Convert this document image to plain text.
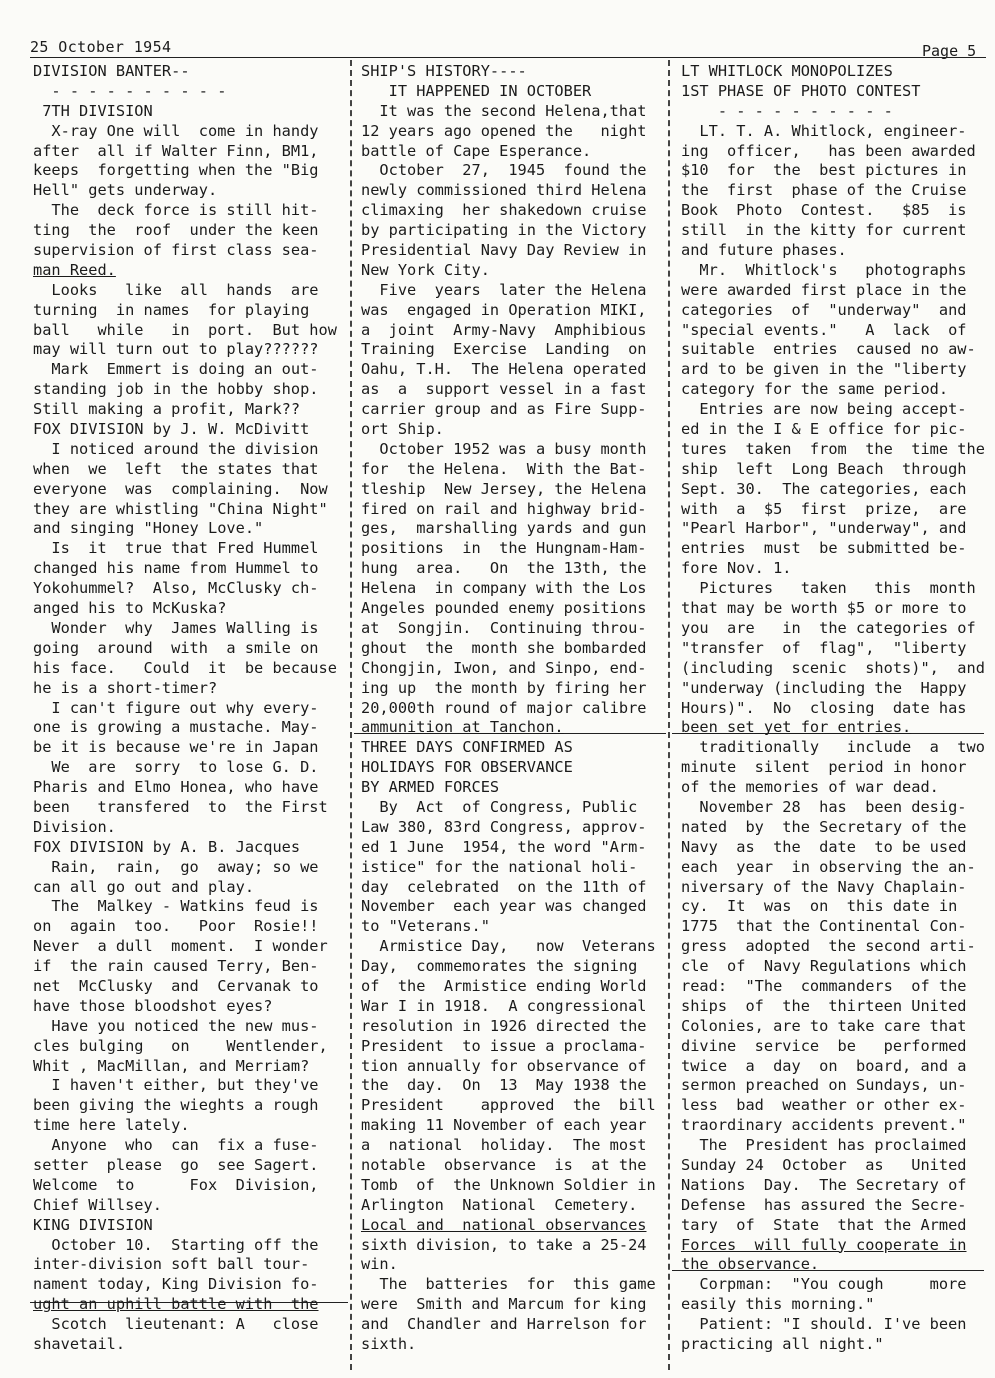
25 October 1954	Page 5
DIVISION BANTER--
- - - - - - - - - -
7TH DIVISION
X-ray One will  come in handy
after  all if Walter Finn, BM1,
keeps  forgetting when the "Big
Hell" gets underway.
The  deck force is still hit-
ting  the  roof  under the keen
supervision of first class sea-
man Reed.
Looks   like  all  hands  are
turning  in names  for playing
ball   while   in  port.  But how
may will turn out to play??????
Mark  Emmert is doing an out-
standing job in the hobby shop.
Still making a profit, Mark??
FOX DIVISION by J. W. McDivitt
I noticed around the division
when  we  left  the states that
everyone  was  complaining.  Now
they are whistling "China Night"
and singing "Honey Love."
Is  it  true that Fred Hummel
changed his name from Hummel to
Yokohummel?  Also, McClusky ch-
anged his to McKuska?
Wonder  why  James Walling is
going  around  with  a smile on
his face.   Could  it  be because
he is a short-timer?
I can't figure out why every-
one is growing a mustache. May-
be it is because we're in Japan
We  are  sorry  to lose G. D.
Pharis and Elmo Honea, who have
been   transfered  to  the First
Division.
FOX DIVISION by A. B. Jacques
Rain,  rain,  go  away; so we
can all go out and play.
The  Malkey - Watkins feud is
on  again  too.   Poor  Rosie!!
Never  a dull  moment.  I wonder
if  the rain caused Terry, Ben-
net  McClusky  and  Cervanak to
have those bloodshot eyes?
Have you noticed the new mus-
cles bulging   on    Wentlender,
Whit , MacMillan, and Merriam?
I haven't either, but they've
been giving the wieghts a rough
time here lately.
Anyone  who  can  fix a fuse-
setter  please  go  see Sagert.
Welcome  to      Fox  Division,
Chief Willsey.
KING DIVISION
October 10.  Starting off the
inter-division soft ball tour-
nament today, King Division fo-
ught an uphill battle with  the
Scotch  lieutenant: A   close
shavetail.
SHIP'S HISTORY----
IT HAPPENED IN OCTOBER
It was the second Helena,that
12 years ago opened the   night
battle of Cape Esperance.
October  27,  1945  found the
newly commissioned third Helena
climaxing  her shakedown cruise
by participating in the Victory
Presidential Navy Day Review in
New York City.
Five  years  later the Helena
was  engaged in Operation MIKI,
a  joint  Army-Navy  Amphibious
Training  Exercise  Landing  on
Oahu, T.H.  The Helena operated
as  a  support vessel in a fast
carrier group and as Fire Supp-
ort Ship.
October 1952 was a busy month
for  the Helena.  With the Bat-
tleship  New Jersey, the Helena
fired on rail and highway brid-
ges,  marshalling yards and gun
positions  in  the Hungnam-Ham-
hung  area.   On  the 13th, the
Helena  in company with the Los
Angeles pounded enemy positions
at  Songjin.  Continuing throu-
ghout  the  month she bombarded
Chongjin, Iwon, and Sinpo, end-
ing up  the month by firing her
20,000th round of major calibre
ammunition at Tanchon.
THREE DAYS CONFIRMED AS
HOLIDAYS FOR OBSERVANCE
BY ARMED FORCES
By  Act  of Congress, Public
Law 380, 83rd Congress, approv-
ed 1 June  1954, the word "Arm-
istice" for the national holi-
day  celebrated  on the 11th of
November  each year was changed
to "Veterans."
Armistice Day,   now  Veterans
Day,  commemorates the signing
of  the  Armistice ending World
War I in 1918.  A congressional
resolution in 1926 directed the
President  to issue a proclama-
tion annually for observance of
the  day.  On  13  May 1938 the
President    approved  the  bill
making 11 November of each year
a  national  holiday.  The most
notable  observance  is  at the
Tomb  of  the Unknown Soldier in
Arlington  National  Cemetery.
Local and  national observances
sixth division, to take a 25-24
win.
The  batteries  for  this game
were  Smith and Marcum for king
and  Chandler and Harrelson for
sixth.
LT WHITLOCK MONOPOLIZES
1ST PHASE OF PHOTO CONTEST
- - - - - - - - - -
LT. T. A. Whitlock, engineer-
ing  officer,   has been awarded
$10  for  the  best pictures in
the  first  phase of the Cruise
Book  Photo  Contest.   $85  is
still  in the kitty for current
and future phases.
Mr.  Whitlock's   photographs
were awarded first place in the
categories  of  "underway"  and
"special events."   A  lack  of
suitable  entries  caused no aw-
ard to be given in the "liberty
category for the same period.
Entries are now being accept-
ed in the I & E office for pic-
tures  taken  from  the  time the
ship  left  Long Beach  through
Sept. 30.  The categories, each
with  a  $5  first  prize,  are
"Pearl Harbor", "underway", and
entries  must  be submitted be-
fore Nov. 1.
Pictures   taken   this  month
that may be worth $5 or more to
you  are   in  the categories of
"transfer  of  flag",  "liberty
(including  scenic  shots)",  and
"underway (including the  Happy
Hours)".  No  closing  date has
been set yet for entries.
traditionally   include  a  two
minute  silent  period in honor
of the memories of war dead.
November 28  has  been desig-
nated  by  the Secretary of the
Navy  as  the  date  to be used
each  year  in observing the an-
niversary of the Navy Chaplain-
cy.  It  was  on  this date in
1775  that the Continental Con-
gress  adopted  the second arti-
cle  of  Navy Regulations which
read:  "The  commanders  of the
ships  of  the  thirteen United
Colonies, are to take care that
divine  service  be   performed
twice  a  day  on  board, and a
sermon preached on Sundays, un-
less  bad  weather or other ex-
traordinary accidents prevent."
The  President has proclaimed
Sunday 24  October  as   United
Nations  Day.  The Secretary of
Defense  has assured the Secre-
tary  of  State  that the Armed
Forces  will fully cooperate in
the observance.
Corpman:  "You cough     more
easily this morning."
Patient: "I should. I've been
practicing all night."
